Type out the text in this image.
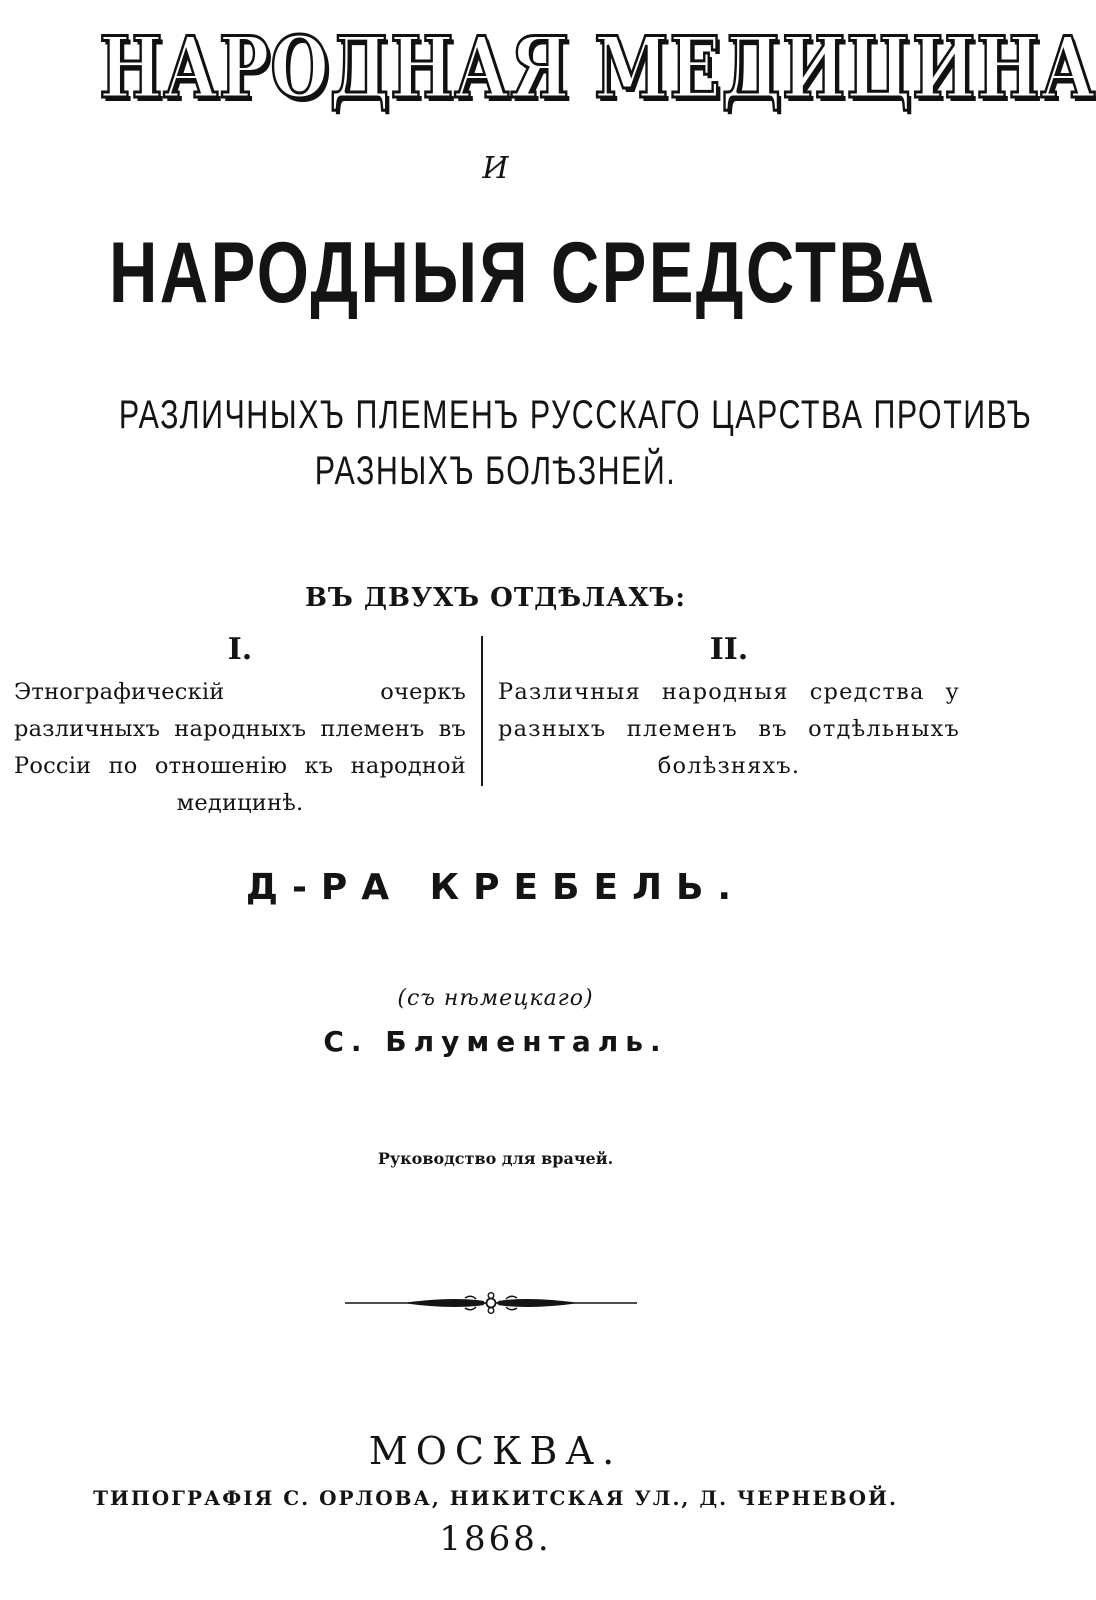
НАРОДНАЯ МЕДИЦИНА
И
НАРОДНЫЯ СРЕДСТВА
РАЗЛИЧНЫХЪ ПЛЕМЕНЪ РУССКАГО ЦАРСТВА ПРОТИВЪ
РАЗНЫХЪ БОЛѢЗНЕЙ.
ВЪ ДВУХЪ ОТДѢЛАХЪ:
I.
Этнографическій очеркъ различныхъ народныхъ племенъ въ Россіи по отношенію къ народной медицинѣ.
II.
Различныя народныя средства у разныхъ племенъ въ отдѣльныхъ болѣзняхъ.
Д-РА КРЕБЕЛЬ.
(съ нѣмецкаго)
С. Блументаль.
Руководство для врачей.
МОСКВА.
ТИПОГРАФІЯ С. ОРЛОВА, НИКИТСКАЯ УЛ., Д. ЧЕРНЕВОЙ.
1868.
